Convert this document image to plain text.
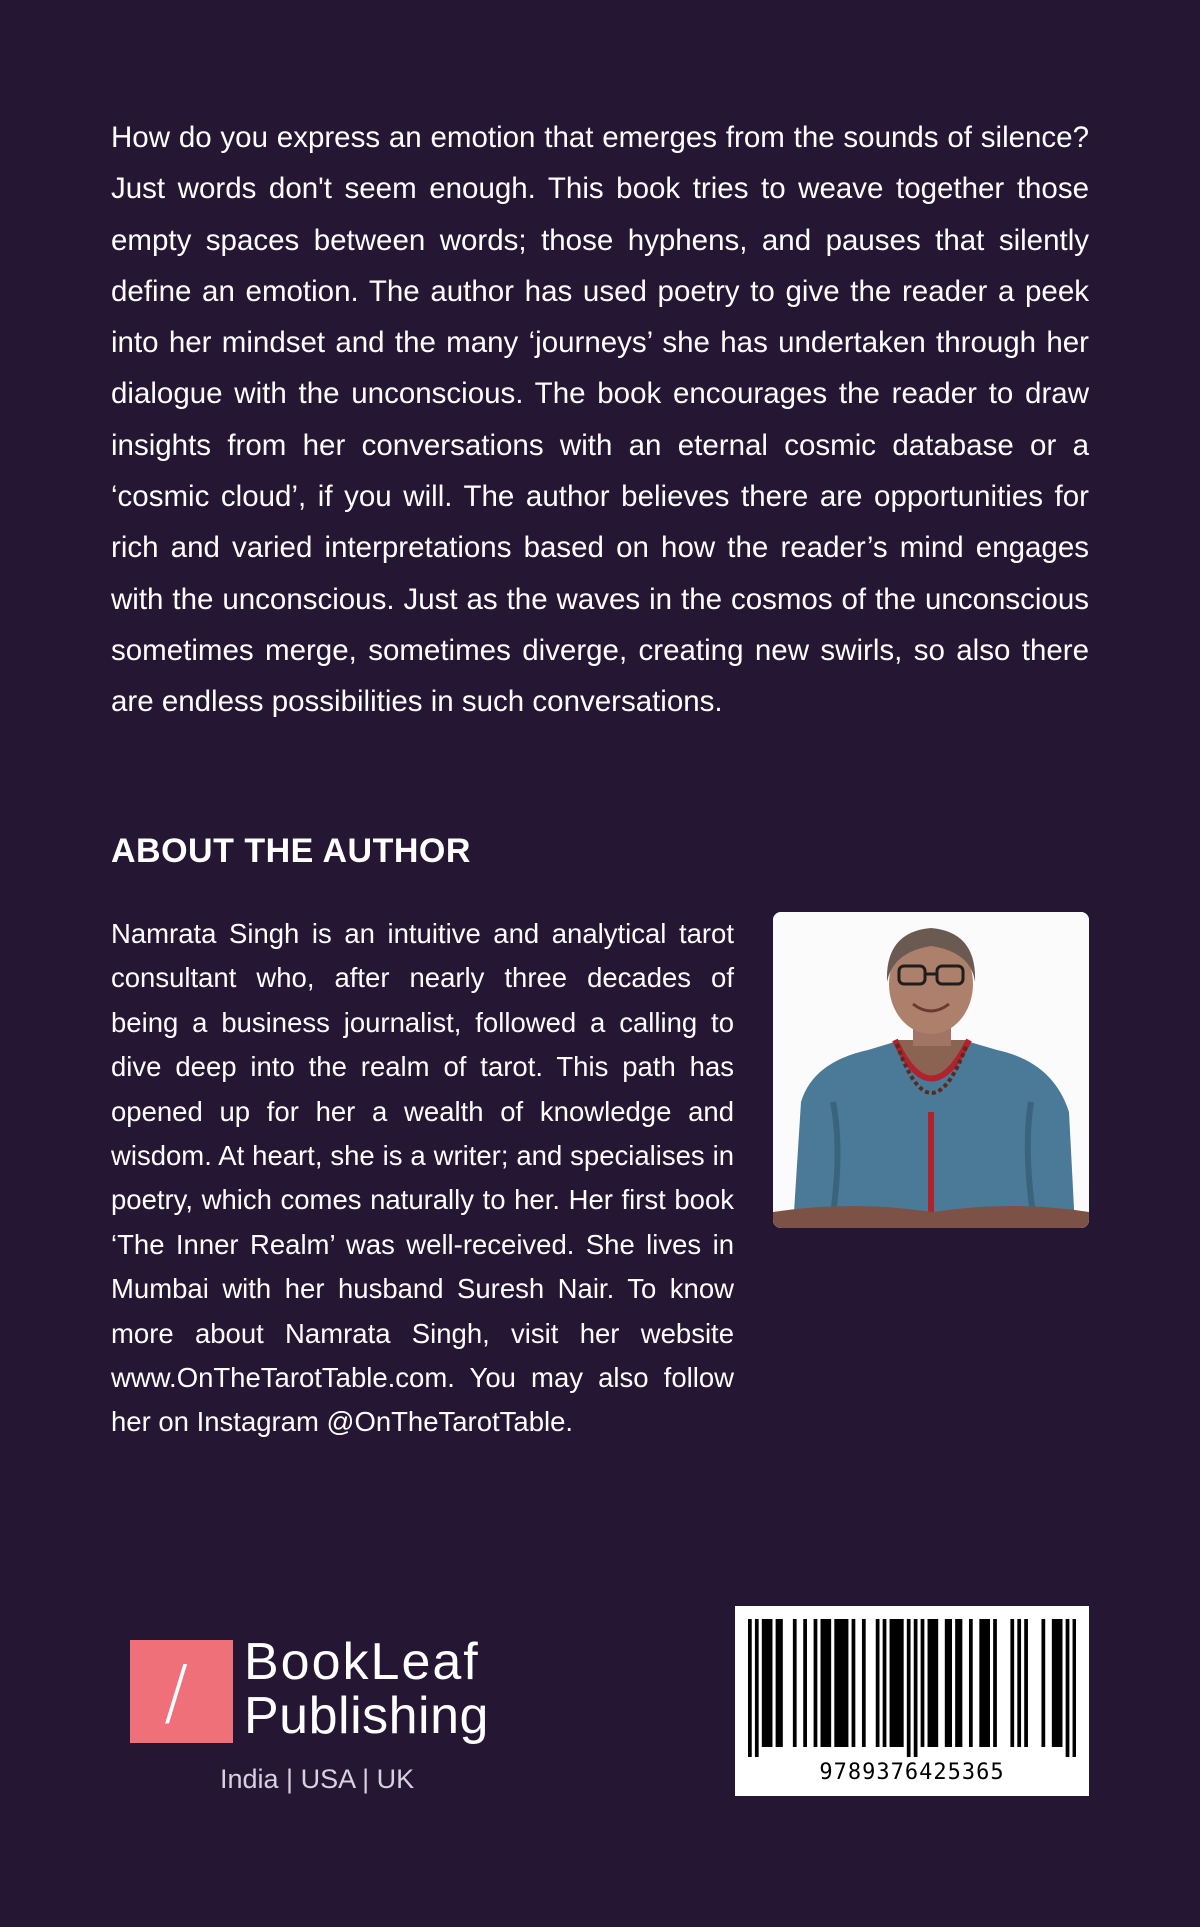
How do you express an emotion that emerges from the sounds of silence? Just words don't seem enough. This book tries to weave together those empty spaces between words; those hyphens, and pauses that silently define an emotion. The author has used poetry to give the reader a peek into her mindset and the many ‘journeys’ she has undertaken through her dialogue with the unconscious. The book encourages the reader to draw insights from her conversations with an eternal cosmic database or a ‘cosmic cloud’, if you will. The author believes there are opportunities for rich and varied interpretations based on how the reader’s mind engages with the unconscious. Just as the waves in the cosmos of the unconscious sometimes merge, sometimes diverge, creating new swirls, so also there are endless possibilities in such conversations.

ABOUT THE AUTHOR

Namrata Singh is an intuitive and analytical tarot consultant who, after nearly three decades of being a business journalist, followed a calling to dive deep into the realm of tarot. This path has opened up for her a wealth of knowledge and wisdom. At heart, she is a writer; and specialises in poetry, which comes naturally to her. Her first book ‘The Inner Realm’ was well-received. She lives in Mumbai with her husband Suresh Nair. To know more about Namrata Singh, visit her website www.OnTheTarotTable.com. You may also follow her on Instagram @OnTheTarotTable.

/ BookLeaf
Publishing
India | USA | UK	9789376425365
